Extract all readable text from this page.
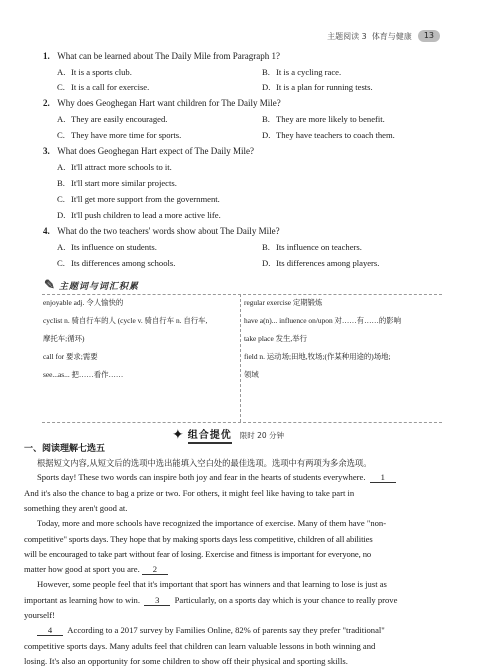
主题阅读 3
体育与健康	13
1. What can be learned about The Daily Mile from Paragraph 1?
A. It is a sports club.	B. It is a cycling race.
C. It is a call for exercise.	D. It is a plan for running tests.
2. Why does Geoghegan Hart want children for The Daily Mile?
A. They are easily encouraged.	B. They are more likely to benefit.
C. They have more time for sports.	D. They have teachers to coach them.
3. What does Geoghegan Hart expect of The Daily Mile?
A. It'll attract more schools to it.
B. It'll start more similar projects.
C. It'll get more support from the government.
D. It'll push children to lead a more active life.
4. What do the two teachers' words show about The Daily Mile?
A. Its influence on students.	B. Its influence on teachers.
C. Its differences among schools.	D. Its differences among players.
✎ 主题词与词汇积累
enjoyable adj. 令人愉快的
cyclist n. 骑自行车的人 (cycle v. 骑自行车 n. 自行车,
摩托车;循环)
call for 要求;需要
see...as... 把……看作……
regular exercise 定期锻炼
have a(n)... influence on/upon 对……有……的影响
take place 发生,举行
field n. 运动场;田地,牧场;(作某种用途的)场地;
领域
✦ 组合提优 限时 20 分钟
一、阅读理解七选五
根据短文内容,从短文后的选项中选出能填入空白处的最佳选项。选项中有两项为多余选项。
Sports day! These two words can inspire both joy and fear in the hearts of students everywhere. 1
And it's also the chance to bag a prize or two. For others, it might feel like having to take part in
something they aren't good at.
Today, more and more schools have recognized the importance of exercise. Many of them have "non-
competitive" sports days. They hope that by making sports days less competitive, children of all abilities
will be encouraged to take part without fear of losing. Exercise and fitness is important for everyone, no
matter how good at sport you are. 2
However, some people feel that it's important that sport has winners and that learning to lose is just as
important as learning how to win. 3 Particularly, on a sports day which is your chance to really prove
yourself!
4 According to a 2017 survey by Families Online, 82% of parents say they prefer "traditional"
competitive sports days. Many adults feel that children can learn valuable lessons in both winning and
losing. It's also an opportunity for some children to show off their physical and sporting skills.
